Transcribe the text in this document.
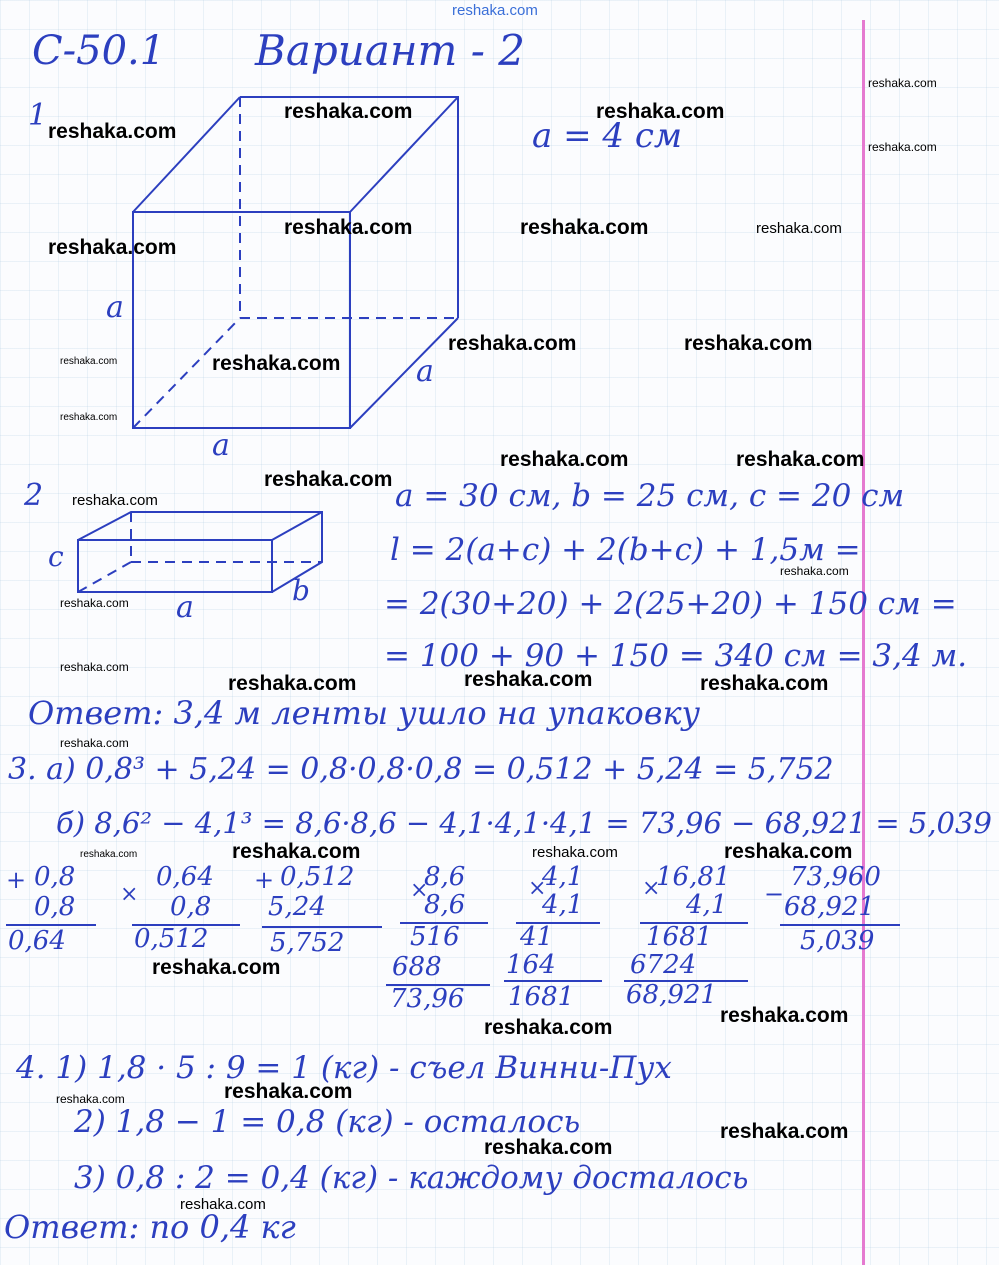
reshaka.com
С-50.1 Вариант - 2
1
a = 4 см
a
a
a
2
c
a	b
a = 30 см, b = 25 см, c = 20 см
l = 2(a+c) + 2(b+c) + 1,5м =
= 2(30+20) + 2(25+20) + 150 см =
= 100 + 90 + 150 = 340 см = 3,4 м.
Ответ: 3,4 м ленты ушло на упаковку
3. а) 0,8³ + 5,24 = 0,8·0,8·0,8 = 0,512 + 5,24 = 5,752
б) 8,6² − 4,1³ = 8,6·8,6 − 4,1·4,1·4,1 = 73,96 − 68,921 = 5,039
+ 0,8
0,8
0,64
×
0,64
0,8
0,512
+ 0,512
5,24
5,752
×
8,6
8,6
516
688
73,96
×
4,1
4,1
41
164
1681
×
16,81
4,1
1681
6724
68,921
−
73,960
68,921
5,039
4. 1) 1,8 · 5 : 9 = 1 (кг) - съел Винни-Пух
2) 1,8 − 1 = 0,8 (кг) - осталось
3) 0,8 : 2 = 0,4 (кг) - каждому досталось
Ответ: по 0,4 кг
reshaka.com
reshaka.com	reshaka.com
reshaka.com
reshaka.com
reshaka.com	reshaka.com	reshaka.com
reshaka.com
reshaka.com	reshaka.com
reshaka.com
reshaka.com
reshaka.com
reshaka.com	reshaka.com
reshaka.com
reshaka.com
reshaka.com
reshaka.com
reshaka.com
reshaka.com
reshaka.com	reshaka.com
reshaka.com
reshaka.com	reshaka.com	reshaka.com	reshaka.com
reshaka.com
reshaka.com
reshaka.com
reshaka.com
reshaka.com
reshaka.com
reshaka.com
reshaka.com
